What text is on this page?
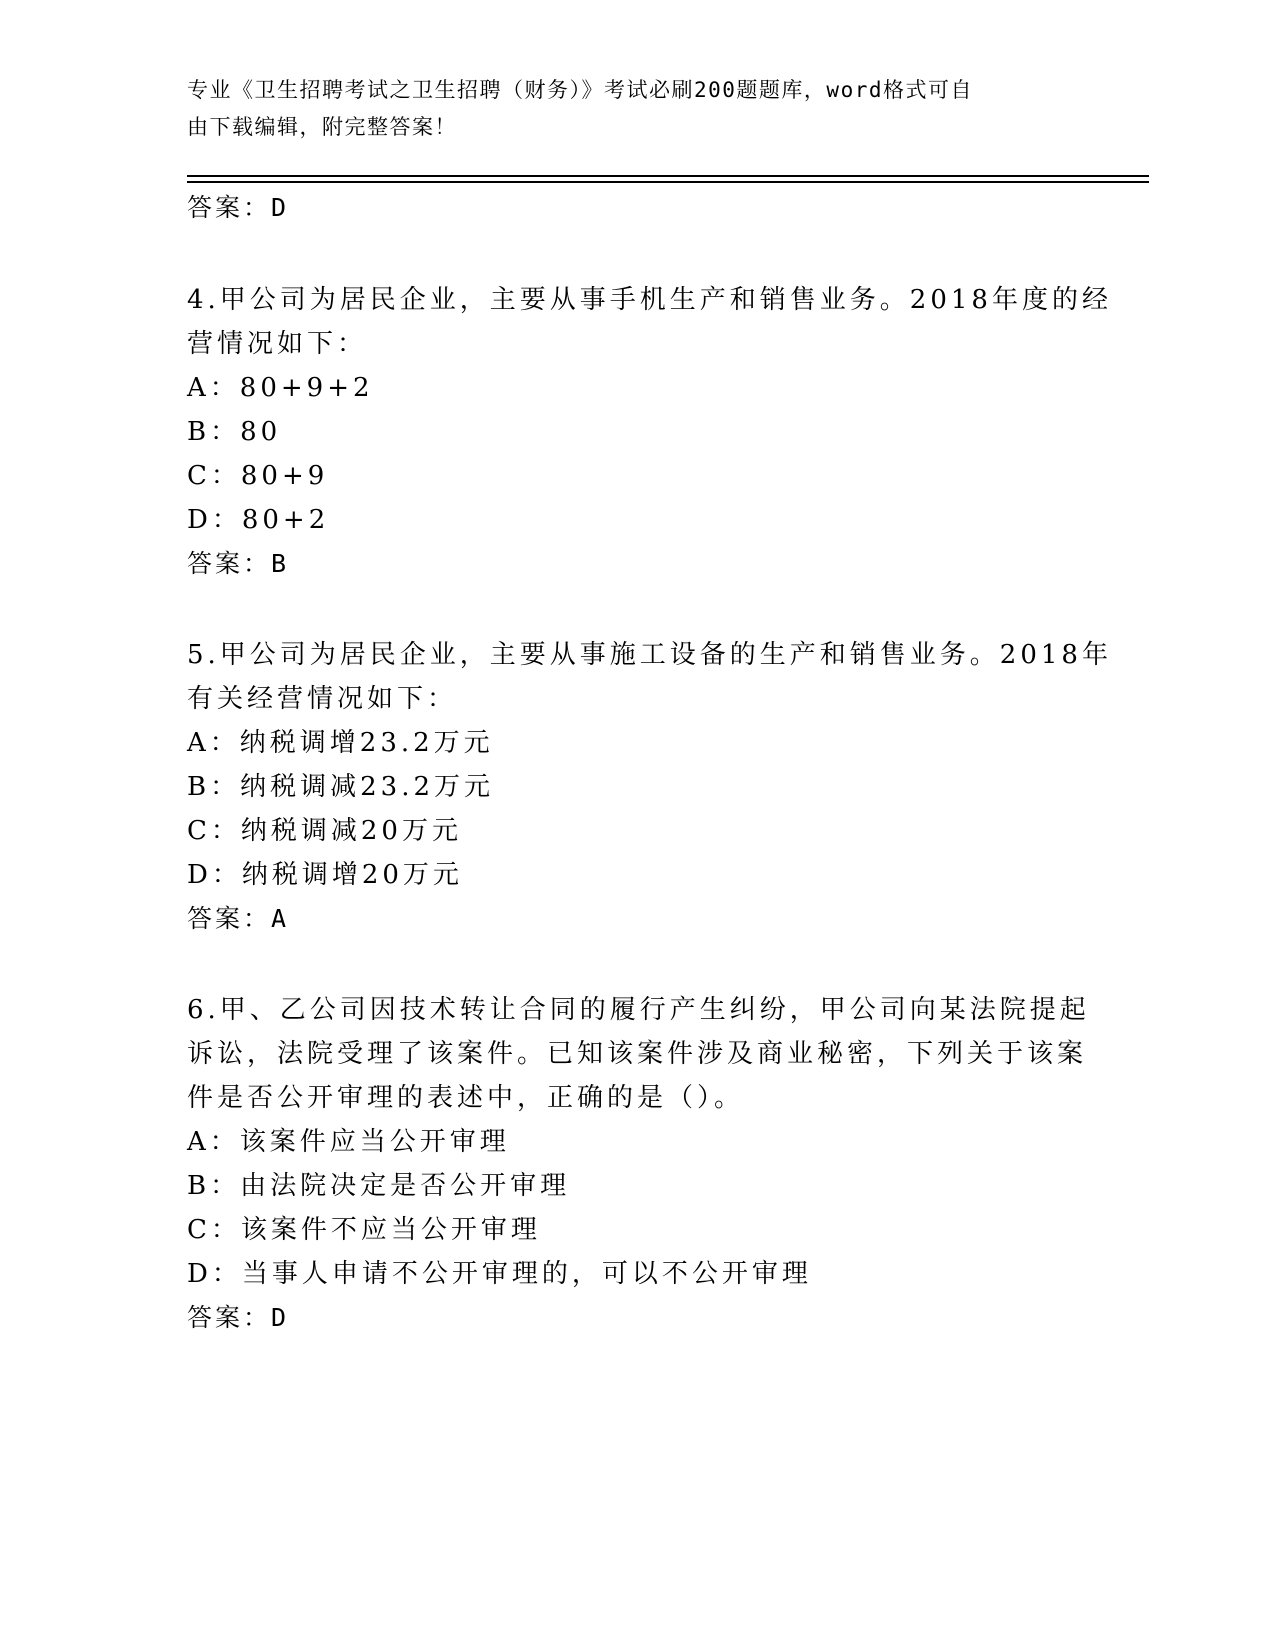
专业《卫生招聘考试之卫生招聘（财务）》考试必刷200题题库，word格式可自
由下载编辑，附完整答案！
答案：D
4.甲公司为居民企业，主要从事手机生产和销售业务。2018年度的经
营情况如下：
A：80+9+2
B：80
C：80+9
D：80+2
答案：B
5.甲公司为居民企业，主要从事施工设备的生产和销售业务。2018年
有关经营情况如下：
A：纳税调增23.2万元
B：纳税调减23.2万元
C：纳税调减20万元
D：纳税调增20万元
答案：A
6.甲、乙公司因技术转让合同的履行产生纠纷，甲公司向某法院提起
诉讼，法院受理了该案件。已知该案件涉及商业秘密，下列关于该案
件是否公开审理的表述中，正确的是（）。
A：该案件应当公开审理
B：由法院决定是否公开审理
C：该案件不应当公开审理
D：当事人申请不公开审理的，可以不公开审理
答案：D
